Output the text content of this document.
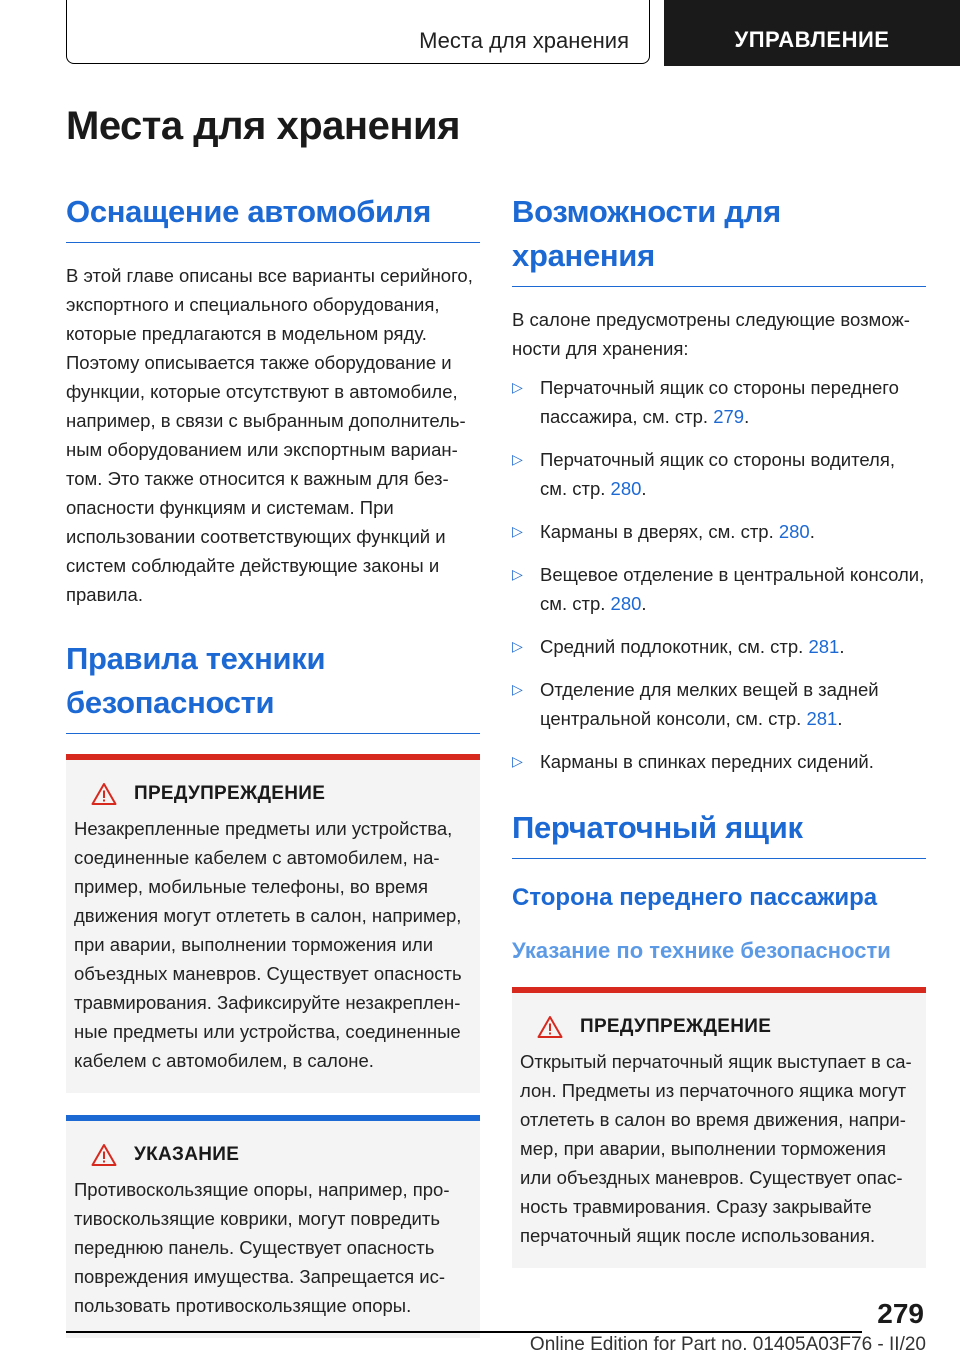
Места для хранения	УПРАВЛЕНИЕ
Места для хранения
Оснащение автомобиля

В этой главе описаны все варианты серийного, экспортного и специального оборудования, которые предлагаются в модельном ряду. Поэтому описывается также оборудование и функции, которые отсутствуют в автомобиле, например, в связи с выбранным дополнительным оборудованием или экспортным вариантом. Это также относится к важным для безопасности функциям и системам. При использовании соответствующих функций и систем соблюдайте действующие законы и правила.

Правила техники безопасности
ПРЕДУПРЕЖДЕНИЕ
Незакрепленные предметы или устройства, соединенные кабелем с автомобилем, например, мобильные телефоны, во время движения могут отлететь в салон, например, при аварии, выполнении торможения или объездных маневров. Существует опасность травмирования. Зафиксируйте незакрепленные предметы или устройства, соединенные кабелем с автомобилем, в салоне.
УКАЗАНИЕ
Противоскользящие опоры, например, противоскользящие коврики, могут повредить переднюю панель. Существует опасность повреждения имущества. Запрещается использовать противоскользящие опоры.
Возможности для хранения

В салоне предусмотрены следующие возможности для хранения:

▷ Перчаточный ящик со стороны переднего пассажира, см. стр. 279.
▷ Перчаточный ящик со стороны водителя, см. стр. 280.
▷ Карманы в дверях, см. стр. 280.
▷ Вещевое отделение в центральной консоли, см. стр. 280.
▷ Средний подлокотник, см. стр. 281.
▷ Отделение для мелких вещей в задней центральной консоли, см. стр. 281.
▷ Карманы в спинках передних сидений.
Перчаточный ящик
Сторона переднего пассажира
Указание по технике безопасности
ПРЕДУПРЕЖДЕНИЕ
Открытый перчаточный ящик выступает в салон. Предметы из перчаточного ящика могут отлететь в салон во время движения, например, при аварии, выполнении торможения или объездных маневров. Существует опасность травмирования. Сразу закрывайте перчаточный ящик после использования.
279
Online Edition for Part no. 01405A03F76 - II/20
